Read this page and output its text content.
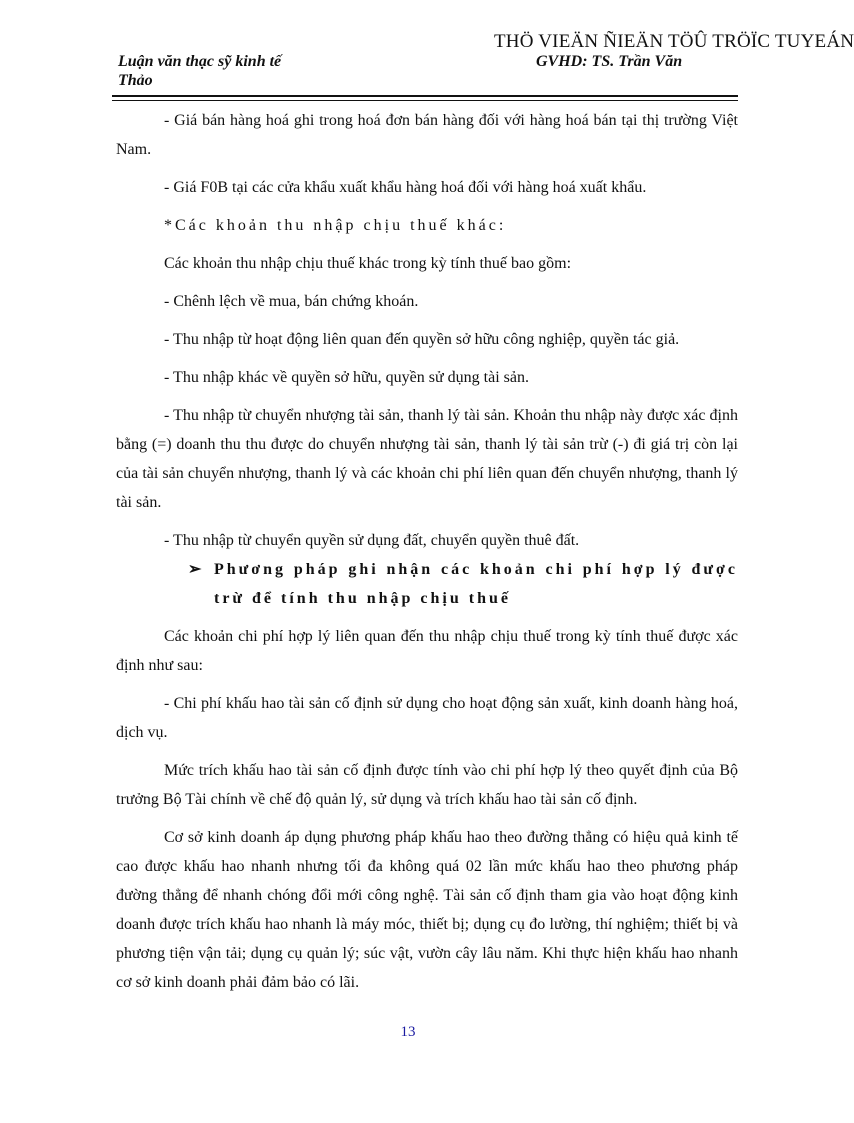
THÖ VIEÄN ÑIEÄN TÖÛ TRÖÏC TUYEÁN
Luận văn thạc sỹ kinh tế
Thảo
GVHD: TS. Trần Văn

- Giá bán hàng hoá ghi trong hoá đơn bán hàng đối với hàng hoá bán tại thị trường Việt Nam.

- Giá F0B tại các cửa khẩu xuất khẩu hàng hoá đối với hàng hoá xuất khẩu.

*Các khoản thu nhập chịu thuế khác:

Các khoản thu nhập chịu thuế khác trong kỳ tính thuế bao gồm:

- Chênh lệch về mua, bán chứng khoán.

- Thu nhập từ hoạt động liên quan đến quyền sở hữu công nghiệp, quyền tác giả.

- Thu nhập khác về quyền sở hữu, quyền sử dụng tài sản.

- Thu nhập từ chuyển nhượng tài sản, thanh lý tài sản. Khoản thu nhập này được xác định bằng (=) doanh thu thu được do chuyển nhượng tài sản, thanh lý tài sản trừ (-) đi giá trị còn lại của tài sản chuyển nhượng, thanh lý và các khoản chi phí liên quan đến chuyển nhượng, thanh lý tài sản.

- Thu nhập từ chuyển quyền sử dụng đất, chuyển quyền thuê đất.

➢ Phương pháp ghi nhận các khoản chi phí hợp lý được trừ để tính thu nhập chịu thuế

Các khoản chi phí hợp lý liên quan đến thu nhập chịu thuế trong kỳ tính thuế được xác định như sau:

- Chi phí khấu hao tài sản cố định sử dụng cho hoạt động sản xuất, kinh doanh hàng hoá, dịch vụ.

Mức trích khấu hao tài sản cố định được tính vào chi phí hợp lý theo quyết định của Bộ trưởng Bộ Tài chính về chế độ quản lý, sử dụng và trích khấu hao tài sản cố định.

Cơ sở kinh doanh áp dụng phương pháp khấu hao theo đường thẳng có hiệu quả kinh tế cao được khấu hao nhanh nhưng tối đa không quá 02 lần mức khấu hao theo phương pháp đường thẳng để nhanh chóng đổi mới công nghệ. Tài sản cố định tham gia vào hoạt động kinh doanh được trích khấu hao nhanh là máy móc, thiết bị; dụng cụ đo lường, thí nghiệm; thiết bị và phương tiện vận tải; dụng cụ quản lý; súc vật, vườn cây lâu năm. Khi thực hiện khấu hao nhanh cơ sở kinh doanh phải đảm bảo có lãi.

13
